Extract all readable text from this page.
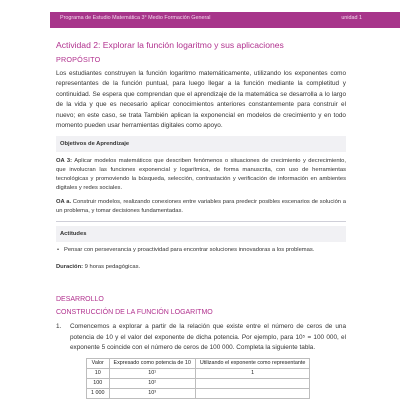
Programa de Estudio Matemática 3° Medio Formación General	unidad 1
Actividad 2: Explorar la función logaritmo y sus aplicaciones
PROPÓSITO

Los estudiantes construyen la función logaritmo matemáticamente, utilizando los exponentes como representantes de la función puntual, para luego llegar a la función mediante la completitud y continuidad. Se espera que comprendan que el aprendizaje de la matemática se desarrolla a lo largo de la vida y que es necesario aplicar conocimientos anteriores constantemente para construir el nuevo; en este caso, se trata También aplican la exponencial en modelos de crecimiento y en todo momento pueden usar herramientas digitales como apoyo.

Objetivos de Aprendizaje

OA 3: Aplicar modelos matemáticos que describen fenómenos o situaciones de crecimiento y decrecimiento, que involucran las funciones exponencial y logarítmica, de forma manuscrita, con uso de herramientas tecnológicas y promoviendo la búsqueda, selección, contrastación y verificación de información en ambientes digitales y redes sociales.

OA a. Construir modelos, realizando conexiones entre variables para predecir posibles escenarios de solución a un problema, y tomar decisiones fundamentadas.

Actitudes
• Pensar con perseverancia y proactividad para encontrar soluciones innovadoras a los problemas.
Duración: 9 horas pedagógicas.
DESARROLLO
CONSTRUCCIÓN DE LA FUNCIÓN LOGARITMO
1. Comencemos a explorar a partir de la relación que existe entre el número de ceros de una potencia de 10 y el valor del exponente de dicha potencia. Por ejemplo, para 10⁵ = 100 000, el exponente 5 coincide con el número de ceros de 100 000. Completa la siguiente tabla.
Valor	Expresado como potencia de 10	Utilizando el exponente como representante
10	10¹	1
100	10²	
1 000	10³	
